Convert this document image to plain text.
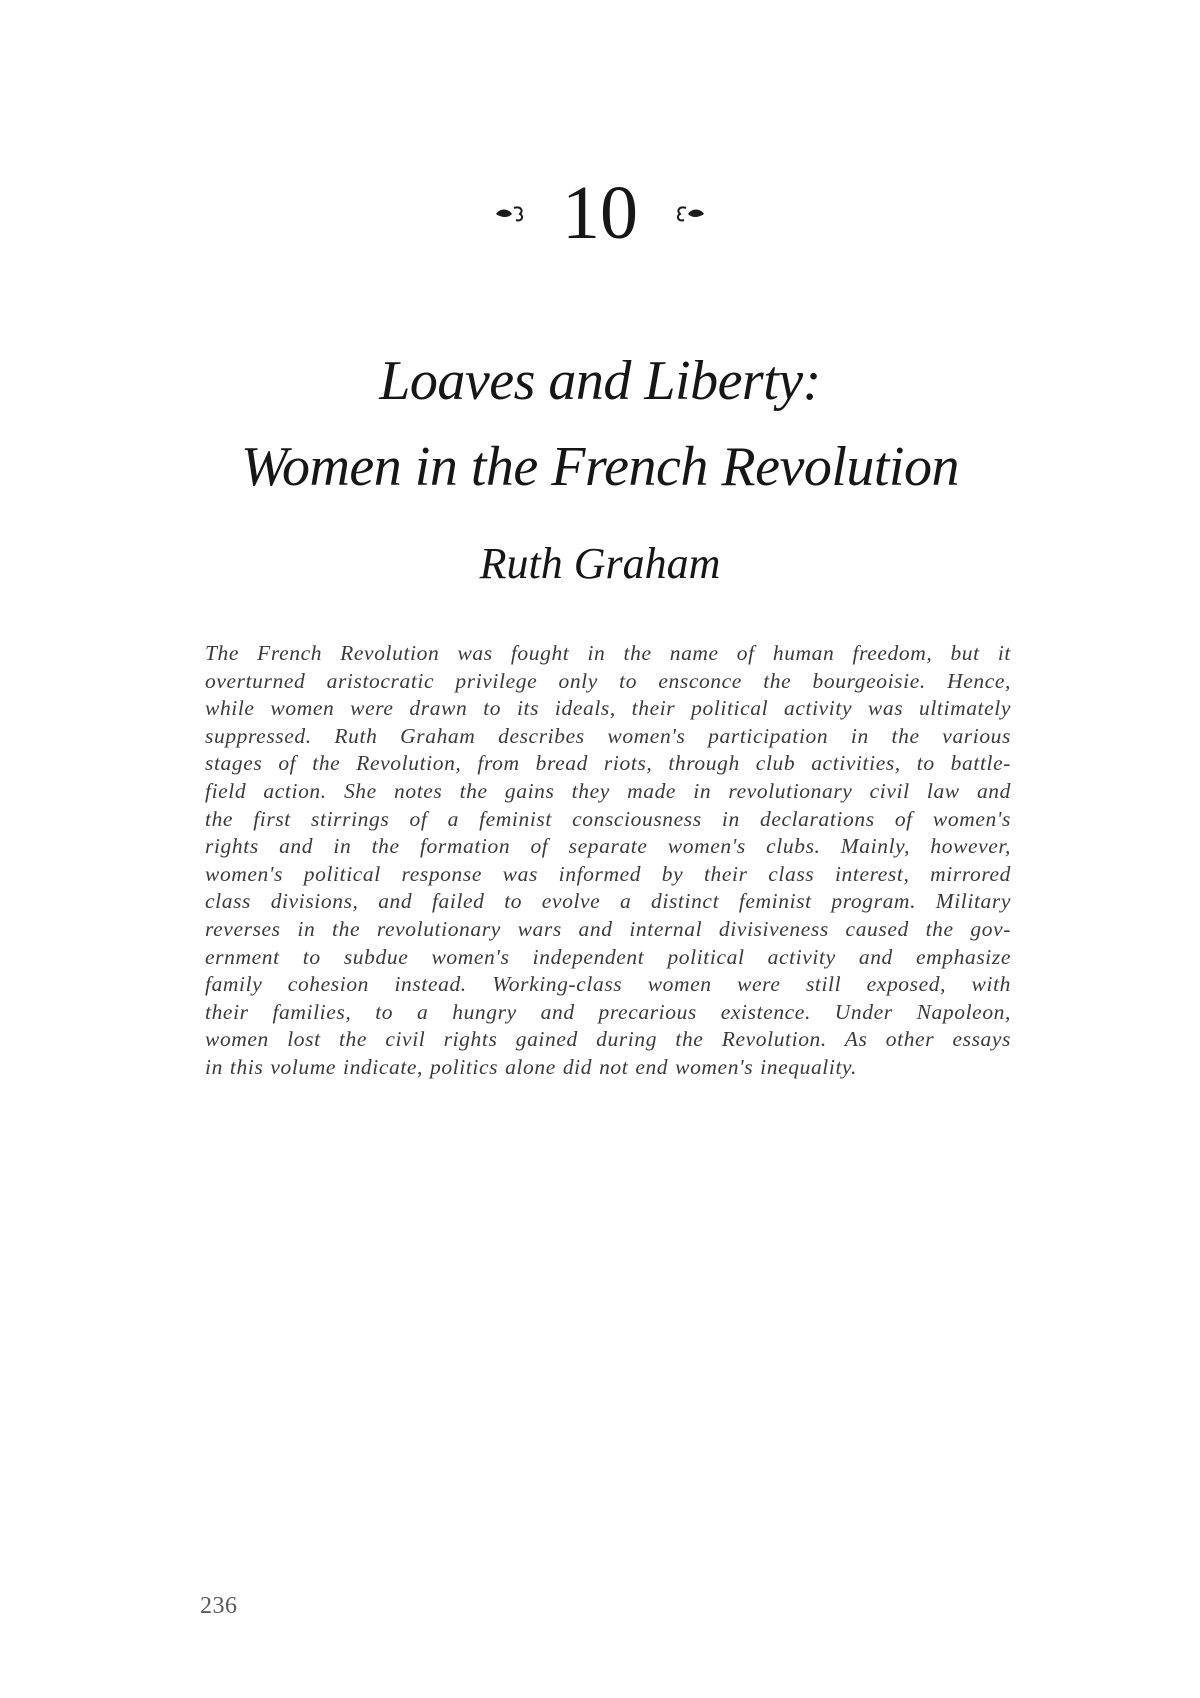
10
Loaves and Liberty:
Women in the French Revolution
Ruth Graham
The French Revolution was fought in the name of human freedom, but it
overturned aristocratic privilege only to ensconce the bourgeoisie. Hence,
while women were drawn to its ideals, their political activity was ultimately
suppressed. Ruth Graham describes women's participation in the various
stages of the Revolution, from bread riots, through club activities, to battle-
field action. She notes the gains they made in revolutionary civil law and
the first stirrings of a feminist consciousness in declarations of women's
rights and in the formation of separate women's clubs. Mainly, however,
women's political response was informed by their class interest, mirrored
class divisions, and failed to evolve a distinct feminist program. Military
reverses in the revolutionary wars and internal divisiveness caused the gov-
ernment to subdue women's independent political activity and emphasize
family cohesion instead. Working-class women were still exposed, with
their families, to a hungry and precarious existence. Under Napoleon,
women lost the civil rights gained during the Revolution. As other essays
in this volume indicate, politics alone did not end women's inequality.
236
